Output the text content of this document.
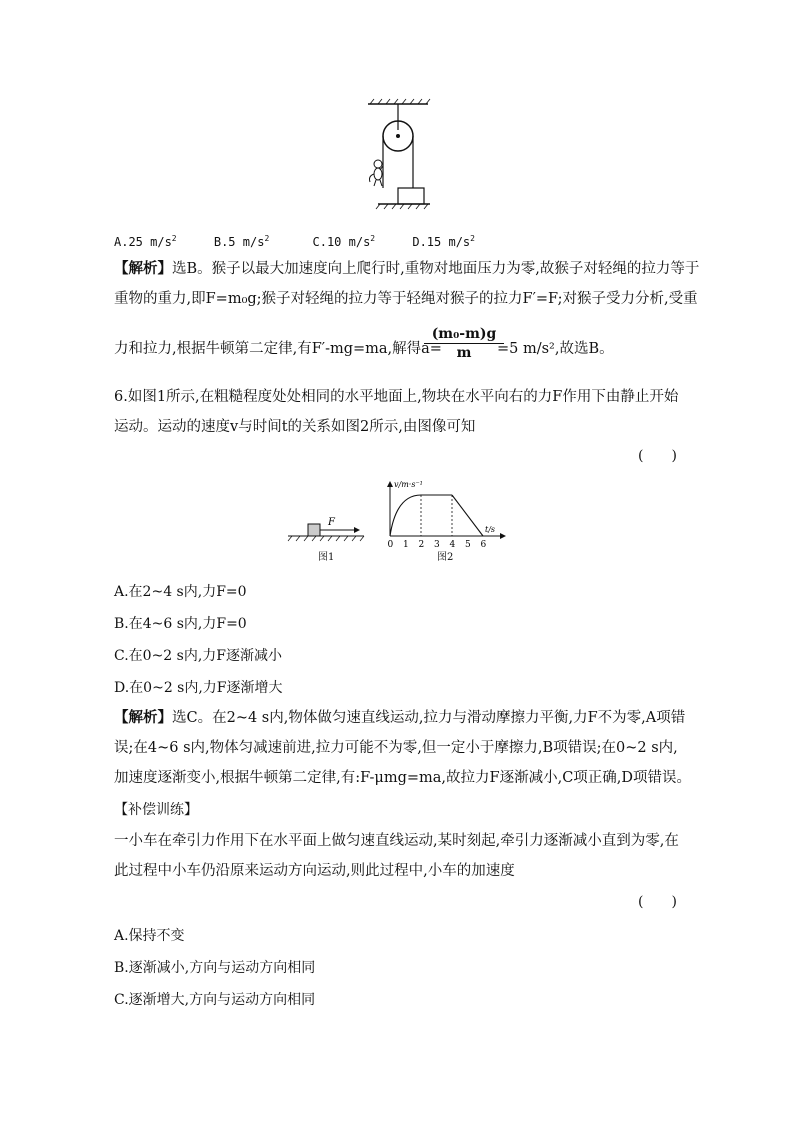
A.25 $m/s^2$	B.5 $m/s^2$	C.10 $m/s^2$	D.15 $m/s^2$
【解析】选B。猴子以最大加速度向上爬行时,重物对地面压力为零,故猴子对轻绳的拉力等于
重物的重力,即F=m₀g;猴子对轻绳的拉力等于轻绳对猴子的拉力F′=F;对猴子受力分析,受重
力和拉力,根据牛顿第二定律,有F′-mg=ma,解得a=
(m₀-m)g
m	=5 m/s²,故选B。
6.如图1所示,在粗糙程度处处相同的水平地面上,物块在水平向右的力F作用下由静止开始
运动。运动的速度v与时间t的关系如图2所示,由图像可知
(　　)
F
图1
v/m·s⁻¹
t/s
0 1 2 3 4 5 6
图2
A.在2~4 s内,力F=0
B.在4~6 s内,力F=0
C.在0~2 s内,力F逐渐减小
D.在0~2 s内,力F逐渐增大
【解析】选C。在2~4 s内,物体做匀速直线运动,拉力与滑动摩擦力平衡,力F不为零,A项错
误;在4~6 s内,物体匀减速前进,拉力可能不为零,但一定小于摩擦力,B项错误;在0~2 s内,
加速度逐渐变小,根据牛顿第二定律,有:F-μmg=ma,故拉力F逐渐减小,C项正确,D项错误。
【补偿训练】
一小车在牵引力作用下在水平面上做匀速直线运动,某时刻起,牵引力逐渐减小直到为零,在
此过程中小车仍沿原来运动方向运动,则此过程中,小车的加速度
(　　)
A.保持不变
B.逐渐减小,方向与运动方向相同
C.逐渐增大,方向与运动方向相同
